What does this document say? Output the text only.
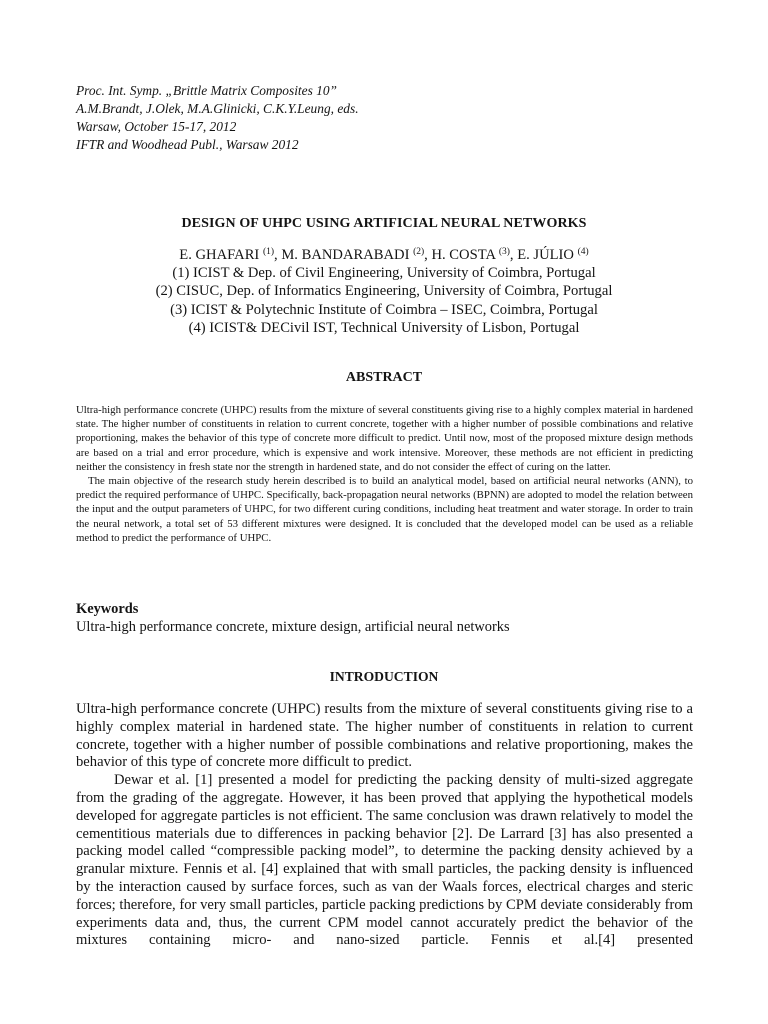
Proc. Int. Symp. „Brittle Matrix Composites 10”
A.M.Brandt, J.Olek, M.A.Glinicki, C.K.Y.Leung, eds.
Warsaw, October 15-17, 2012
IFTR and Woodhead Publ., Warsaw 2012
DESIGN OF UHPC USING ARTIFICIAL NEURAL NETWORKS
E. GHAFARI $^{(1)}$, M. BANDARABADI $^{(2)}$, H. COSTA $^{(3)}$, E. JÚLIO $^{(4)}$
(1) ICIST & Dep. of Civil Engineering, University of Coimbra, Portugal
(2) CISUC, Dep. of Informatics Engineering, University of Coimbra, Portugal
(3) ICIST & Polytechnic Institute of Coimbra – ISEC, Coimbra, Portugal
(4) ICIST& DECivil IST, Technical University of Lisbon, Portugal
ABSTRACT

Ultra-high performance concrete (UHPC) results from the mixture of several constituents giving rise to a highly complex material in hardened state. The higher number of constituents in relation to current concrete, together with a higher number of possible combinations and relative proportioning, makes the behavior of this type of concrete more difficult to predict. Until now, most of the proposed mixture design methods are based on a trial and error procedure, which is expensive and work intensive. Moreover, these methods are not efficient in predicting neither the consistency in fresh state nor the strength in hardened state, and do not consider the effect of curing on the latter.

The main objective of the research study herein described is to build an analytical model, based on artificial neural networks (ANN), to predict the required performance of UHPC. Specifically, back-propagation neural networks (BPNN) are adopted to model the relation between the input and the output parameters of UHPC, for two different curing conditions, including heat treatment and water storage. In order to train the neural network, a total set of 53 different mixtures were designed. It is concluded that the developed model can be used as a reliable method to predict the performance of UHPC.

Keywords
Ultra-high performance concrete, mixture design, artificial neural networks
INTRODUCTION

Ultra-high performance concrete (UHPC) results from the mixture of several constituents giving rise to a highly complex material in hardened state. The higher number of constituents in relation to current concrete, together with a higher number of possible combinations and relative proportioning, makes the behavior of this type of concrete more difficult to predict.

Dewar et al. [1] presented a model for predicting the packing density of multi-sized aggregate from the grading of the aggregate. However, it has been proved that applying the hypothetical models developed for aggregate particles is not efficient. The same conclusion was drawn relatively to model the cementitious materials due to differences in packing behavior [2]. De Larrard [3] has also presented a packing model called “compressible packing model”, to determine the packing density achieved by a granular mixture. Fennis et al. [4] explained that with small particles, the packing density is influenced by the interaction caused by surface forces, such as van der Waals forces, electrical charges and steric forces; therefore, for very small particles, particle packing predictions by CPM deviate considerably from experiments data and, thus, the current CPM model cannot accurately predict the behavior of the mixtures containing micro- and nano-sized particle. Fennis et al.[4] presented
